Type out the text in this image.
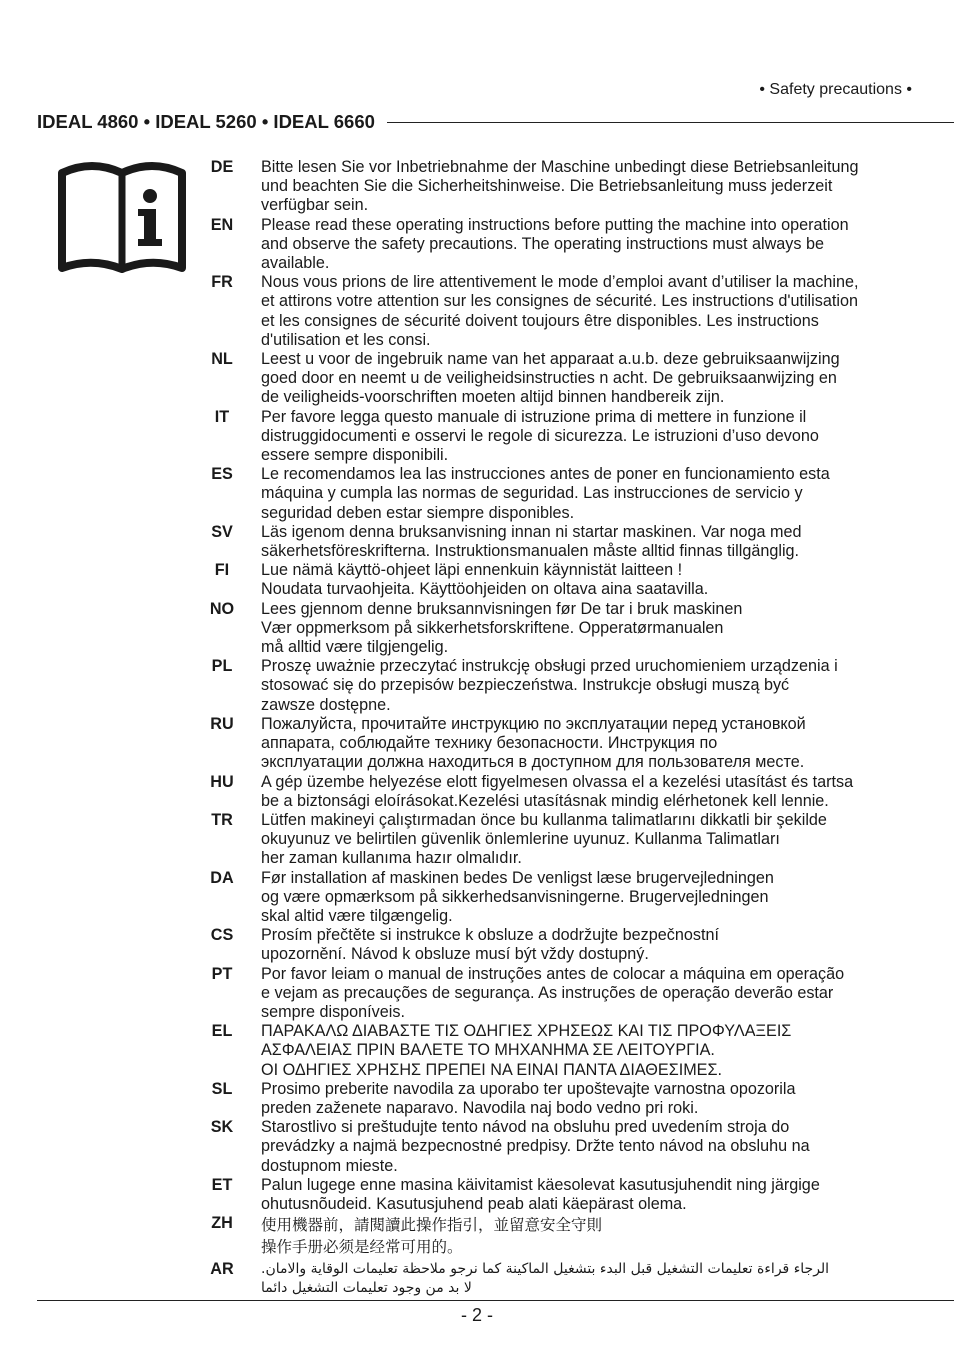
• Safety precautions •
IDEAL 4860 • IDEAL 5260 • IDEAL 6660
DE	Bitte lesen Sie vor Inbetriebnahme der Maschine unbedingt diese Betriebsanleitung
und beachten Sie die Sicherheitshinweise. Die Betriebsanleitung muss jederzeit
verfügbar sein.
EN	Please read these operating instructions before putting the machine into operation
and observe the safety precautions. The operating instructions must always be
available.
FR	Nous vous prions de lire attentivement le mode d’emploi avant d’utiliser la machine,
et attirons votre attention sur les consignes de sécurité. Les instructions d'utilisation
et les consignes de sécurité doivent toujours être disponibles. Les instructions
d'utilisation et les consi.
NL	Leest u voor de ingebruik name van het apparaat a.u.b. deze gebruiksaanwijzing
goed door en neemt u de veiligheidsinstructies n acht. De gebruiksaanwijzing en
de veiligheids-voorschriften moeten altijd binnen handbereik zijn.
IT	Per favore legga questo manuale di istruzione prima di mettere in funzione il
distruggidocumenti e osservi le regole di sicurezza. Le istruzioni d’uso devono
essere sempre disponibili.
ES	Le recomendamos lea las instrucciones antes de poner en funcionamiento esta
máquina y cumpla las normas de seguridad. Las instrucciones de servicio y
seguridad deben estar siempre disponibles.
SV	Läs igenom denna bruksanvisning innan ni startar maskinen. Var noga med
säkerhetsföreskrifterna. Instruktionsmanualen måste alltid finnas tillgänglig.
FI	Lue nämä käyttö-ohjeet läpi ennenkuin käynnistät laitteen !
Noudata turvaohjeita. Käyttöohjeiden on oltava aina saatavilla.
NO Lees gjennom denne bruksannvisningen før De tar i bruk maskinen
Vær oppmerksom på sikkerhetsforskriftene. Opperatørmanualen
må alltid være tilgjengelig.
PL	Proszę uważnie przeczytać instrukcję obsługi przed uruchomieniem urządzenia i
stosować się do przepisów bezpieczeństwa. Instrukcje obsługi muszą być
zawsze dostępne.
RU	Пожалуйста, прочитайте инструкцию по эксплуатации перед установкой
аппарата, соблюдайте технику безопасности. Инструкция по
эксплуатации должна находиться в доступном для пользователя месте.
HU	A gép üzembe helyezése elott figyelmesen olvassa el a kezelési utasítást és tartsa
be a biztonsági eloírásokat.Kezelési utasításnak mindig elérhetonek kell lennie.
TR	Lütfen makineyi çalıştırmadan önce bu kullanma talimatlarını dikkatli bir şekilde
okuyunuz ve belirtilen güvenlik önlemlerine uyunuz. Kullanma Talimatları
her zaman kullanıma hazır olmalıdır.
DA	Før installation af maskinen bedes De venligst læse brugervejledningen
og være opmærksom på sikkerhedsanvisningerne. Brugervejledningen
skal altid være tilgængelig.
CS	Prosím přečtěte si instrukce k obsluze a dodržujte bezpečnostní
upozornění. Návod k obsluze musí být vždy dostupný.
PT	Por favor leiam o manual de instruções antes de colocar a máquina em operação
e vejam as precauções de segurança. As instruções de operação deverão estar
sempre disponíveis.
EL	ΠΑΡΑΚΑΛΩ ΔΙΑΒΑΣΤΕ ΤΙΣ ΟΔΗΓΙΕΣ ΧΡΗΣΕΩΣ ΚΑΙ ΤΙΣ ΠΡΟΦΥΛΑΞΕΙΣ
ΑΣΦΑΛΕΙΑΣ ΠΡΙΝ ΒΑΛΕΤΕ ΤΟ ΜΗΧΑΝΗΜΑ ΣΕ ΛΕΙΤΟΥΡΓΙΑ.
ΟΙ ΟΔΗΓΙΕΣ ΧΡΗΣΗΣ ΠΡΕΠΕΙ ΝΑ ΕΙΝΑΙ ΠΑΝΤΑ ΔΙΑΘΕΣΙΜΕΣ.
SL	Prosimo preberite navodila za uporabo ter upoštevajte varnostna opozorila
preden zaženete naparavo. Navodila naj bodo vedno pri roki.
SK	Starostlivo si preštudujte tento návod na obsluhu pred uvedením stroja do
prevádzky a najmä bezpecnostné predpisy. Držte tento návod na obsluhu na
dostupnom mieste.
ET	Palun lugege enne masina käivitamist käesolevat kasutusjuhendit ning järgige
ohutusnõudeid. Kasutusjuhend peab alati käepärast olema.
ZH	使用機器前，請閱讀此操作指引，並留意安全守則
操作手册必须是经常可用的。
AR	الرجاء قراءة تعليمات التشغيل قبل البدء بتشغيل الماكينة كما نرجو ملاحظة تعليمات الوقاية والامان.
لا بد من وجود تعليمات التشغيل دائما
- 2 -
